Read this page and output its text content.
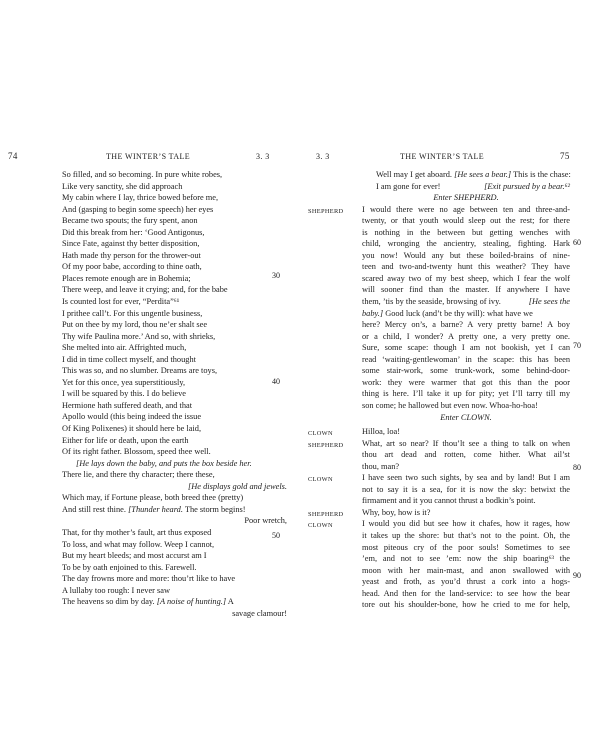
74	THE WINTER’S TALE	3. 3
So filled, and so becoming. In pure white robes,
Like very sanctity, she did approach
My cabin where I lay, thrice bowed before me,
And (gasping to begin some speech) her eyes
Became two spouts; the fury spent, anon
Did this break from her: ‘Good Antigonus,
Since Fate, against thy better disposition,
Hath made thy person for the thrower-out
Of my poor babe, according to thine oath,
Places remote enough are in Bohemia;
There weep, and leave it crying; and, for the babe
Is counted lost for ever, “Perdita”⁶¹
I prithee call’t. For this ungentle business,
Put on thee by my lord, thou ne’er shalt see
Thy wife Paulina more.’ And so, with shrieks,
She melted into air. Affrighted much,
I did in time collect myself, and thought
This was so, and no slumber. Dreams are toys,
Yet for this once, yea superstitiously,
I will be squared by this. I do believe
Hermione hath suffered death, and that
Apollo would (this being indeed the issue
Of King Polixenes) it should here be laid,
Either for life or death, upon the earth
Of its right father. Blossom, speed thee well.
[He lays down the baby, and puts the box beside her.
There lie, and there thy character; there these,
[He displays gold and jewels.
Which may, if Fortune please, both breed thee (pretty)
And still rest thine. [Thunder heard. The storm begins!
Poor wretch,
That, for thy mother’s fault, art thus exposed
To loss, and what may follow. Weep I cannot,
But my heart bleeds; and most accurst am I
To be by oath enjoined to this. Farewell.
The day frowns more and more: thou’rt like to have
A lullaby too rough: I never saw
The heavens so dim by day. [A noise of hunting.] A
savage clamour!
30
40
50
3. 3	THE WINTER’S TALE	75
Well may I get aboard. [He sees a bear.] This is the chase:
I am gone for ever!	[Exit pursued by a bear.⁶²
Enter SHEPHERD.
SHEPHERD	I would there were no age between ten and three-and-
twenty, or that youth would sleep out the rest; for there
is nothing in the between but getting wenches with
child, wronging the ancientry, stealing, fighting. Hark
you now! Would any but these boiled-brains of nine-
teen and two-and-twenty hunt this weather? They have
scared away two of my best sheep, which I fear the wolf
will sooner find than the master. If anywhere I have
them, ’tis by the seaside, browsing of ivy.	[He sees the
baby.] Good luck (and’t be thy will): what have we
here? Mercy on’s, a barne? A very pretty barne! A boy
or a child, I wonder? A pretty one, a very pretty one.
Sure, some scape: though I am not bookish, yet I can
read ‘waiting-gentlewoman’ in the scape: this has been
some stair-work, some trunk-work, some behind-door-
work: they were warmer that got this than the poor
thing is here. I’ll take it up for pity; yet I’ll tarry till my
son come; he hallowed but even now. Whoa-ho-hoa!
Enter CLOWN.
CLOWN	Hilloa, loa!
SHEPHERD	What, art so near? If thou’lt see a thing to talk on when
thou art dead and rotten, come hither. What ail’st
thou, man?
CLOWN	I have seen two such sights, by sea and by land! But I am
not to say it is a sea, for it is now the sky: betwixt the
firmament and it you cannot thrust a bodkin’s point.
SHEPHERD	Why, boy, how is it?
CLOWN	I would you did but see how it chafes, how it rages, how
it takes up the shore: but that’s not to the point. Oh, the
most piteous cry of the poor souls! Sometimes to see
’em, and not to see ’em: now the ship boaring⁶³ the
moon with her main-mast, and anon swallowed with
yeast and froth, as you’d thrust a cork into a hogs-
head. And then for the land-service: to see how the bear
tore out his shoulder-bone, how he cried to me for help,
60
70
80
90
